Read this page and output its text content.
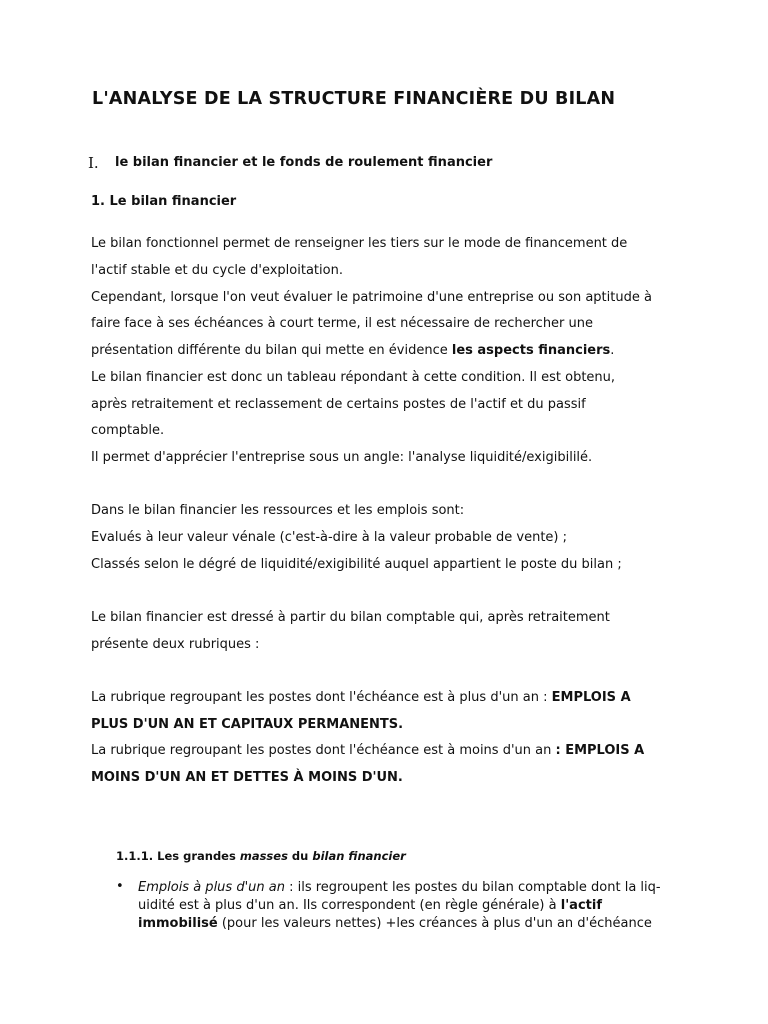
L'ANALYSE DE LA STRUCTURE FINANCIÈRE DU BILAN
I. le bilan financier et le fonds de roulement financier
1. Le bilan financier
Le bilan fonctionnel permet de renseigner les tiers sur le mode de financement de
l'actif stable et du cycle d'exploitation.
Cependant, lorsque l'on veut évaluer le patrimoine d'une entreprise ou son aptitude à
faire face à ses échéances à court terme, il est nécessaire de rechercher une
présentation différente du bilan qui mette en évidence les aspects financiers.
Le bilan financier est donc un tableau répondant à cette condition. Il est obtenu,
après retraitement et reclassement de certains postes de l'actif et du passif
comptable.
Il permet d'apprécier l'entreprise sous un angle: l'analyse liquidité/exigibililé.
Dans le bilan financier les ressources et les emplois sont:
Evalués à leur valeur vénale (c'est-à-dire à la valeur probable de vente) ;
Classés selon le dégré de liquidité/exigibilité auquel appartient le poste du bilan ;
Le bilan financier est dressé à partir du bilan comptable qui, après retraitement
présente deux rubriques :
La rubrique regroupant les postes dont l'échéance est à plus d'un an : EMPLOIS A
PLUS D'UN AN ET CAPITAUX PERMANENTS.
La rubrique regroupant les postes dont l'échéance est à moins d'un an : EMPLOIS A
MOINS D'UN AN ET DETTES À MOINS D'UN.
1.1.1. Les grandes masses du bilan financier
• Emplois à plus d'un an : ils regroupent les postes du bilan comptable dont la liq-
uidité est à plus d'un an. Ils correspondent (en règle générale) à l'actif
immobilisé (pour les valeurs nettes) +les créances à plus d'un an d'échéance
